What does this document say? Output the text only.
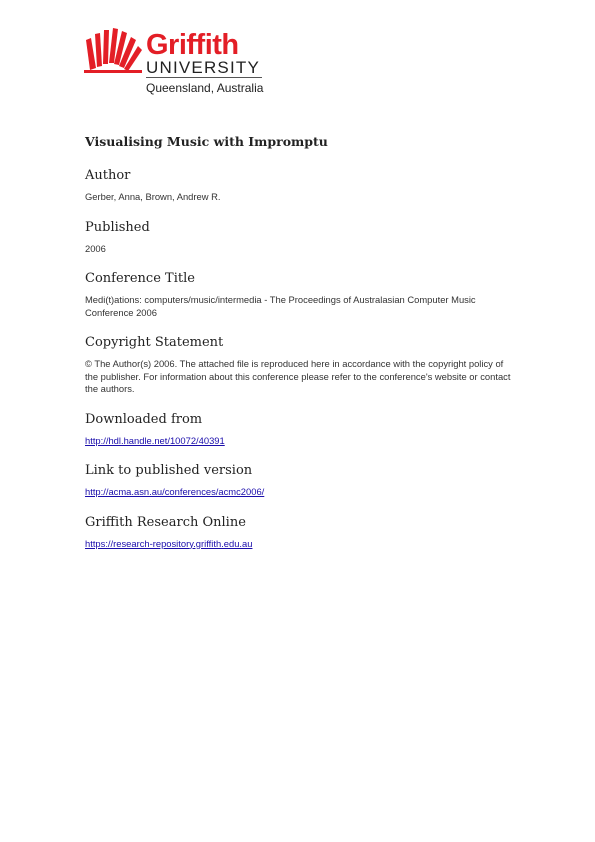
Griffith
UNIVERSITY
Queensland, Australia
Visualising Music with Impromptu
Author

Gerber, Anna, Brown, Andrew R.

Published

2006

Conference Title

Medi(t)ations: computers/music/intermedia - The Proceedings of Australasian Computer Music Conference 2006

Copyright Statement

© The Author(s) 2006. The attached file is reproduced here in accordance with the copyright policy of the publisher. For information about this conference please refer to the conference's website or contact the authors.

Downloaded from

http://hdl.handle.net/10072/40391

Link to published version

http://acma.asn.au/conferences/acmc2006/

Griffith Research Online

https://research-repository.griffith.edu.au
